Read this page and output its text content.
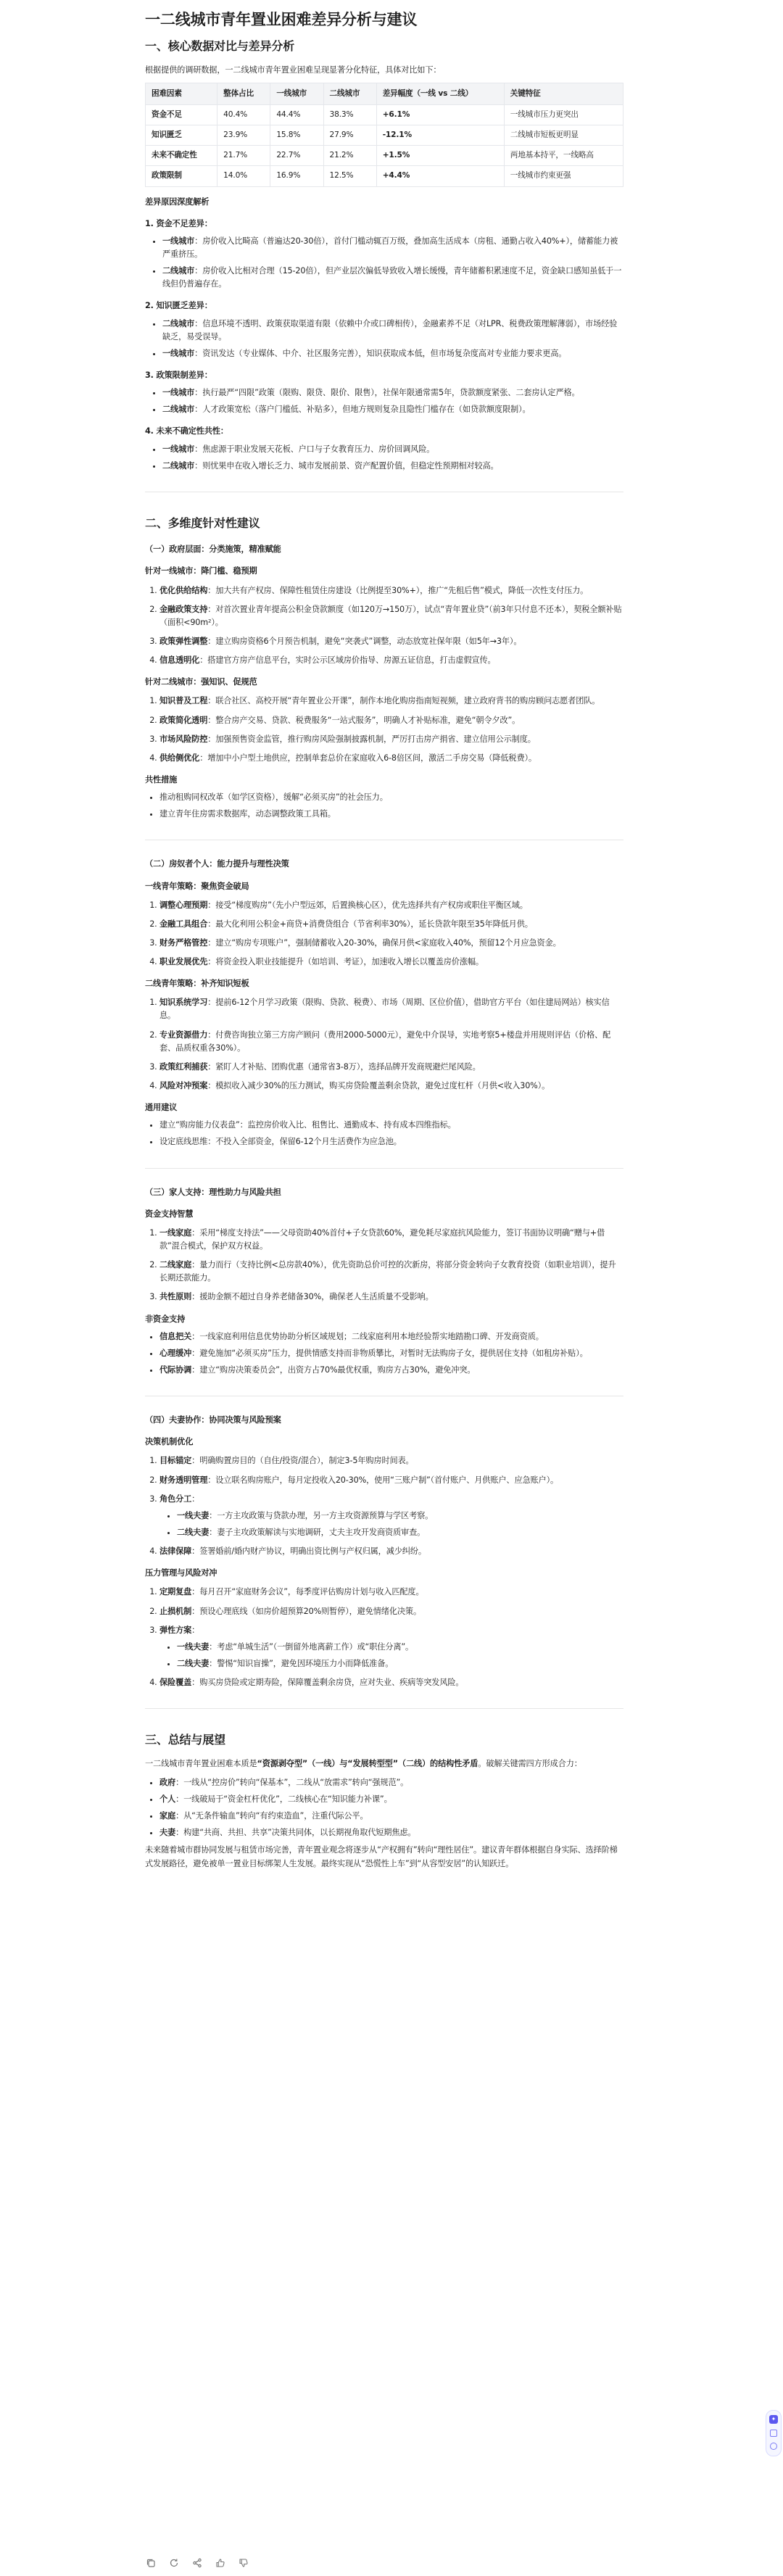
一二线城市青年置业困难差异分析与建议
一、核心数据对比与差异分析
根据提供的调研数据，一二线城市青年置业困难呈现显著分化特征，具体对比如下：
困难因素	整体占比	一线城市	二线城市	差异幅度（一线 vs 二线）	关键特征
资金不足	40.4%	44.4%	38.3%	+6.1%	一线城市压力更突出
知识匮乏	23.9%	15.8%	27.9%	-12.1%	二线城市短板更明显
未来不确定性	21.7%	22.7%	21.2%	+1.5%	两地基本持平，一线略高
政策限制	14.0%	16.9%	12.5%	+4.4%	一线城市约束更强
差异原因深度解析
1. 资金不足差异：
• 一线城市：房价收入比畸高（普遍达20-30倍），首付门槛动辄百万级，叠加高生活成本（房租、通勤占收入40%+），储蓄能力被严重挤压。
• 二线城市：房价收入比相对合理（15-20倍），但产业层次偏低导致收入增长缓慢，青年储蓄积累速度不足，资金缺口感知虽低于一线但仍普遍存在。
2. 知识匮乏差异：
• 二线城市：信息环境不透明、政策获取渠道有限（依赖中介或口碑相传），金融素养不足（对LPR、税费政策理解薄弱），市场经验缺乏，易受误导。
• 一线城市：资讯发达（专业媒体、中介、社区服务完善），知识获取成本低，但市场复杂度高对专业能力要求更高。
3. 政策限制差异：
• 一线城市：执行最严“四限”政策（限购、限贷、限价、限售），社保年限通常需5年，贷款额度紧张、二套房认定严格。
• 二线城市：人才政策宽松（落户门槛低、补贴多），但地方规则复杂且隐性门槛存在（如贷款额度限制）。
4. 未来不确定性共性：
• 一线城市：焦虑源于职业发展天花板、户口与子女教育压力、房价回调风险。
• 二线城市：则忧果申在收入增长乏力、城市发展前景、资产配置价值，但稳定性预期相对较高。
二、多维度针对性建议
（一）政府层面：分类施策，精准赋能
针对一线城市：降门槛、稳预期
1. 优化供给结构：加大共有产权房、保障性租赁住房建设（比例提至30%+），推广“先租后售”模式，降低一次性支付压力。
2. 金融政策支持：对首次置业青年提高公积金贷款额度（如120万→150万），试点“青年置业贷”（前3年只付息不还本），契税全额补贴（面积<90m²）。
3. 政策弹性调整：建立购房资格6个月预告机制，避免“突袭式”调整，动态放宽社保年限（如5年→3年）。
4. 信息透明化：搭建官方房产信息平台，实时公示区域房价指导、房源五证信息，打击虚假宣传。
针对二线城市：强知识、促规范
1. 知识普及工程：联合社区、高校开展“青年置业公开课”，制作本地化购房指南短视频，建立政府背书的购房顾问志愿者团队。
2. 政策简化透明：整合房产交易、贷款、税费服务“一站式服务”，明确人才补贴标准，避免“朝令夕改”。
3. 市场风险防控：加强预售资金监管，推行购房风险强制披露机制，严厉打击房产捐省、建立信用公示制度。
4. 供给侧优化：增加中小户型土地供应，控制单套总价在家庭收入6-8倍区间，激活二手房交易（降低税费）。
共性措施
• 推动租购同权改革（如学区资格），缓解“必须买房”的社会压力。
• 建立青年住房需求数据库，动态调整政策工具箱。
（二）房奴者个人：能力提升与理性决策
一线青年策略：聚焦资金破局
1. 调整心理预期：接受“梯度购房”（先小户型远郊，后置换核心区），优先选择共有产权房或职住平衡区域。
2. 金融工具组合：最大化利用公积金+商贷+消费贷组合（节省利率30%），延长贷款年限至35年降低月供。
3. 财务严格管控：建立“购房专项账户”，强制储蓄收入20-30%，确保月供<家庭收入40%，预留12个月应急资金。
4. 职业发展优先：将资金投入职业技能提升（如培训、考证），加速收入增长以覆盖房价涨幅。
二线青年策略：补齐知识短板
1. 知识系统学习：提前6-12个月学习政策（限购、贷款、税费）、市场（周期、区位价值），借助官方平台（如住建局网站）核实信息。
2. 专业资源借力：付费咨询独立第三方房产顾问（费用2000-5000元），避免中介误导，实地考察5+楼盘并用规则评估（价格、配套、品质权重各30%）。
3. 政策红利捕获：紧盯人才补贴、团购优惠（通常省3-8万），选择品牌开发商规避烂尾风险。
4. 风险对冲预案：模拟收入减少30%的压力测试，购买房贷险覆盖剩余贷款，避免过度杠杆（月供<收入30%）。
通用建议
• 建立“购房能力仪表盘”：监控房价收入比、租售比、通勤成本、持有成本四维指标。
• 设定底线思维：不投入全部资金，保留6-12个月生活费作为应急池。
（三）家人支持：理性助力与风险共担
资金支持智慧
1. 一线家庭：采用“梯度支持法”——父母资助40%首付+子女贷款60%，避免耗尽家庭抗风险能力，签订书面协议明确“赠与+借款”混合模式，保护双方权益。
2. 二线家庭：量力而行（支持比例<总房款40%），优先资助总价可控的次新房，将部分资金转向子女教育投资（如职业培训），提升长期还款能力。
3. 共性原则：援助金额不超过自身养老储备30%，确保老人生活质量不受影响。
非资金支持
• 信息把关：一线家庭利用信息优势协助分析区域规划；二线家庭利用本地经验帮实地踏勘口碑、开发商资质。
• 心理缓冲：避免施加“必须买房”压力，提供情感支持而非物质攀比，对暂时无法购房子女，提供居住支持（如租房补贴）。
• 代际协调：建立“购房决策委员会”，出资方占70%最优权重，购房方占30%，避免冲突。
（四）夫妻协作：协同决策与风险预案
决策机制优化
1. 目标锚定：明确购置房目的（自住/投资/混合），制定3-5年购房时间表。
2. 财务透明管理：设立联名购房账户，每月定投收入20-30%，使用“三账户制”（首付账户、月供账户、应急账户）。
3. 角色分工：
• 一线夫妻：一方主攻政策与贷款办理，另一方主攻资源预算与学区考察。
• 二线夫妻：妻子主攻政策解读与实地调研，丈夫主攻开发商资质审查。
4. 法律保障：签署婚前/婚内财产协议，明确出资比例与产权归属，减少纠纷。
压力管理与风险对冲
1. 定期复盘：每月召开“家庭财务会议”，每季度评估购房计划与收入匹配度。
2. 止损机制：预设心理底线（如房价超预算20%则暂停），避免情绪化决策。
3. 弹性方案：
• 一线夫妻：考虑“单城生活”（一倒留外地离薪工作）或“职住分离”。
• 二线夫妻：警惕“知识盲操”，避免因环境压力小而降低准备。
4. 保险覆盖：购买房贷险或定期寿险，保障覆盖剩余房贷，应对失业、疾病等突发风险。
三、总结与展望
一二线城市青年置业困难本质是“资源剥夺型”（一线）与“发展转型型”（二线）的结构性矛盾。破解关键需四方形成合力：
• 政府：一线从“控房价”转向“保基本”，二线从“放需求”转向“强规范”。
• 个人：一线破局于“资金杠杆优化”，二线核心在“知识能力补课”。
• 家庭：从“无条件输血”转向“有约束造血”，注重代际公平。
• 夫妻：构建“共商、共担、共享”决策共同体，以长期视角取代短期焦虑。
未来随着城市群协同发展与租赁市场完善，青年置业观念将逐步从“产权拥有”转向“理性居住”。建议青年群体根据自身实际、选择阶梯式发展路径，避免被单一置业目标绑架人生发展。最终实现从“恐慌性上车”到“从容型安居”的认知跃迁。
✦
